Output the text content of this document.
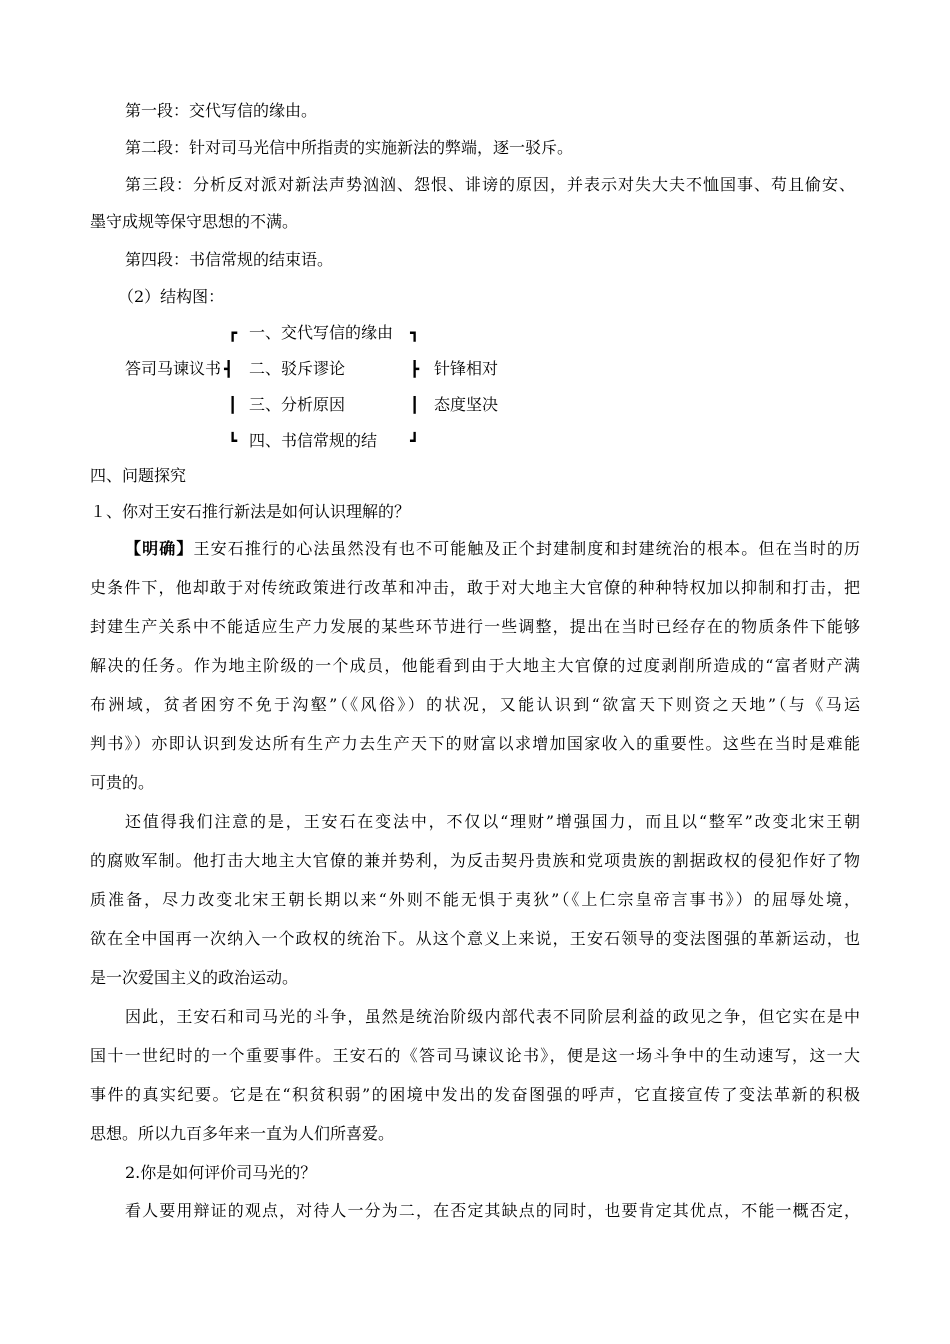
第一段：交代写信的缘由。
第二段：针对司马光信中所指责的实施新法的弊端，逐一驳斥。
第三段：分析反对派对新法声势汹汹、怨恨、诽谤的原因，并表示对失大夫不恤国事、苟且偷安、
墨守成规等保守思想的不满。
第四段：书信常规的结束语。
（2）结构图：
答司马谏议书
┏
┫
┃
┗
一、交代写信的缘由
二、驳斥谬论
三、分析原因
四、书信常规的结
┓
┣
┃
┛
针锋相对
态度坚决
四、问题探究
１、你对王安石推行新法是如何认识理解的？
【明确】王安石推行的心法虽然没有也不可能触及正个封建制度和封建统治的根本。但在当时的历
史条件下，他却敢于对传统政策进行改革和冲击，敢于对大地主大官僚的种种特权加以抑制和打击，把
封建生产关系中不能适应生产力发展的某些环节进行一些调整，提出在当时已经存在的物质条件下能够
解决的任务。作为地主阶级的一个成员，他能看到由于大地主大官僚的过度剥削所造成的“富者财产满
布洲域，贫者困穷不免于沟壑”（《风俗》）的状况，又能认识到“欲富天下则资之天地”（与《马运
判书》）亦即认识到发达所有生产力去生产天下的财富以求增加国家收入的重要性。这些在当时是难能
可贵的。
还值得我们注意的是，王安石在变法中，不仅以“理财”增强国力，而且以“整军”改变北宋王朝
的腐败军制。他打击大地主大官僚的兼并势利，为反击契丹贵族和党项贵族的割据政权的侵犯作好了物
质准备，尽力改变北宋王朝长期以来“外则不能无惧于夷狄”（《上仁宗皇帝言事书》）的屈辱处境，
欲在全中国再一次纳入一个政权的统治下。从这个意义上来说，王安石领导的变法图强的革新运动，也
是一次爱国主义的政治运动。
因此，王安石和司马光的斗争，虽然是统治阶级内部代表不同阶层利益的政见之争，但它实在是中
国十一世纪时的一个重要事件。王安石的《答司马谏议论书》，便是这一场斗争中的生动速写，这一大
事件的真实纪要。它是在“积贫积弱”的困境中发出的发奋图强的呼声，它直接宣传了变法革新的积极
思想。所以九百多年来一直为人们所喜爱。
2.你是如何评价司马光的？
看人要用辩证的观点，对待人一分为二，在否定其缺点的同时，也要肯定其优点，不能一概否定，
